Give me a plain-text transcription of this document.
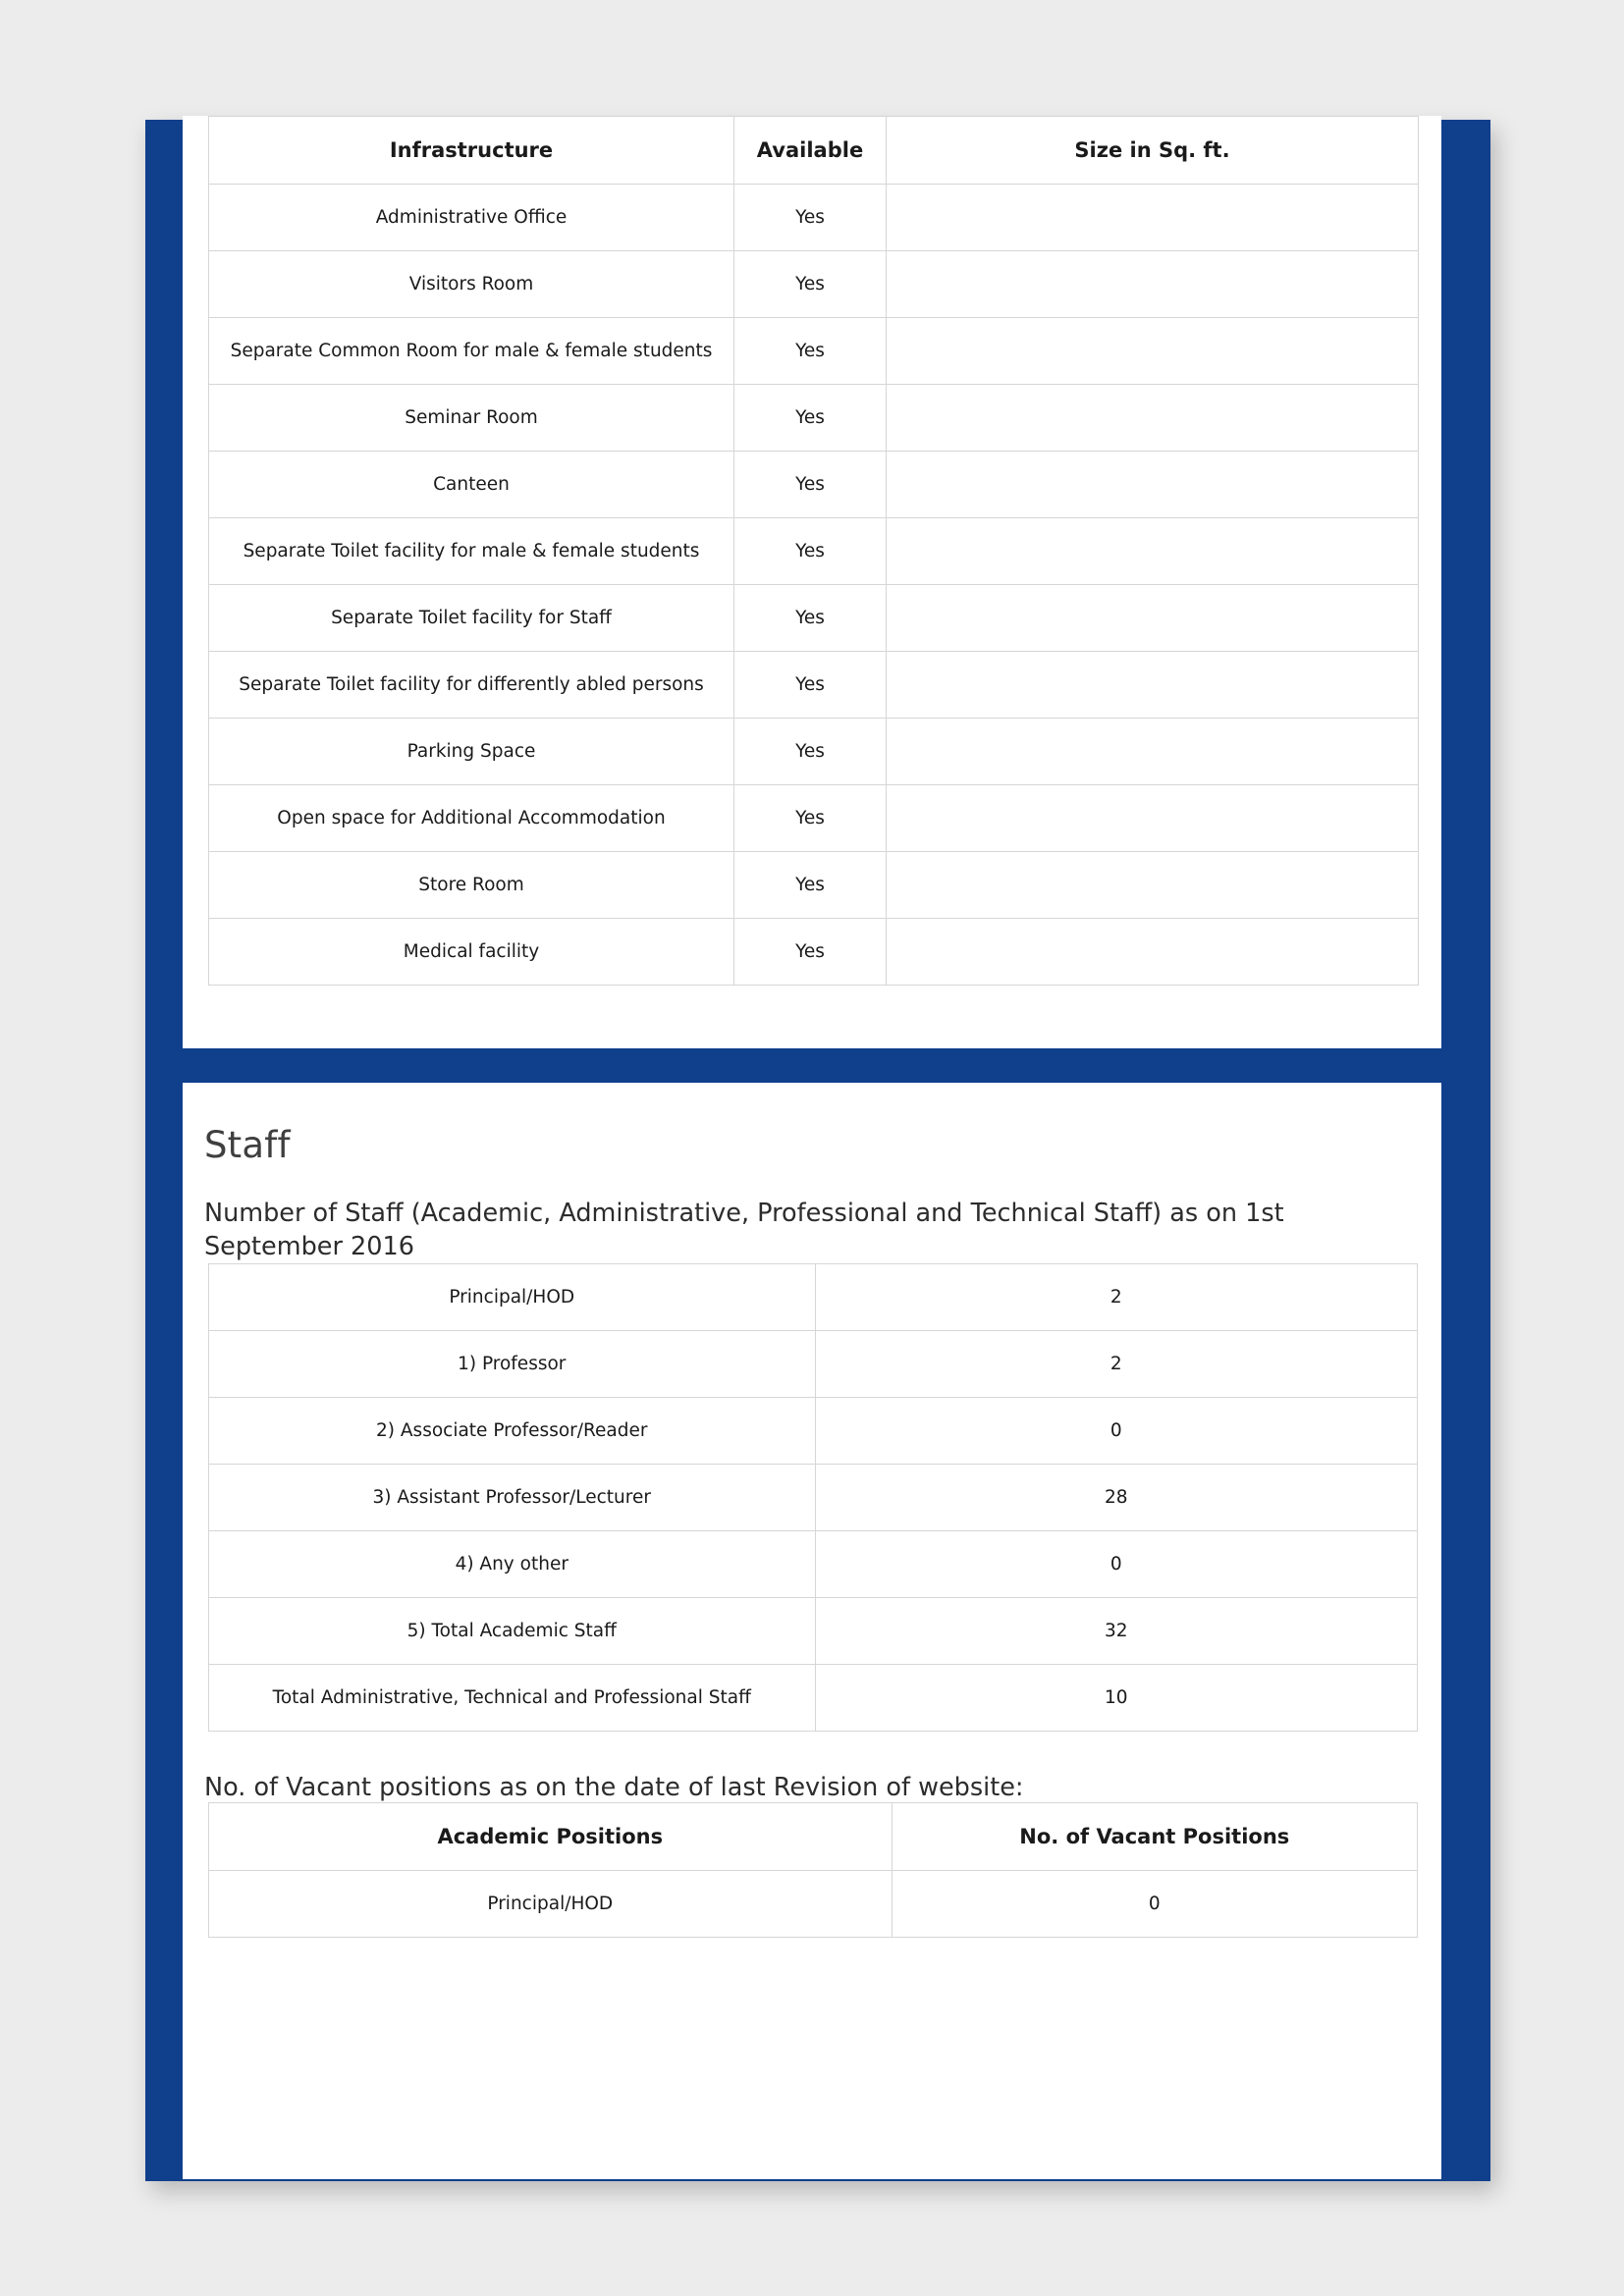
Infrastructure	Available	Size in Sq. ft.
Administrative Office	Yes	
Visitors Room	Yes	
Separate Common Room for male & female students	Yes	
Seminar Room	Yes	
Canteen	Yes	
Separate Toilet facility for male & female students	Yes	
Separate Toilet facility for Staff	Yes	
Separate Toilet facility for differently abled persons	Yes	
Parking Space	Yes	
Open space for Additional Accommodation	Yes	
Store Room	Yes	
Medical facility	Yes	
Staff

Number of Staff (Academic, Administrative, Professional and Technical Staff) as on 1st September 2016

Principal/HOD	2
1) Professor	2
2) Associate Professor/Reader	0
3) Assistant Professor/Lecturer	28
4) Any other	0
5) Total Academic Staff	32
Total Administrative, Technical and Professional Staff	10

No. of Vacant positions as on the date of last Revision of website:

Academic Positions	No. of Vacant Positions
Principal/HOD	0
